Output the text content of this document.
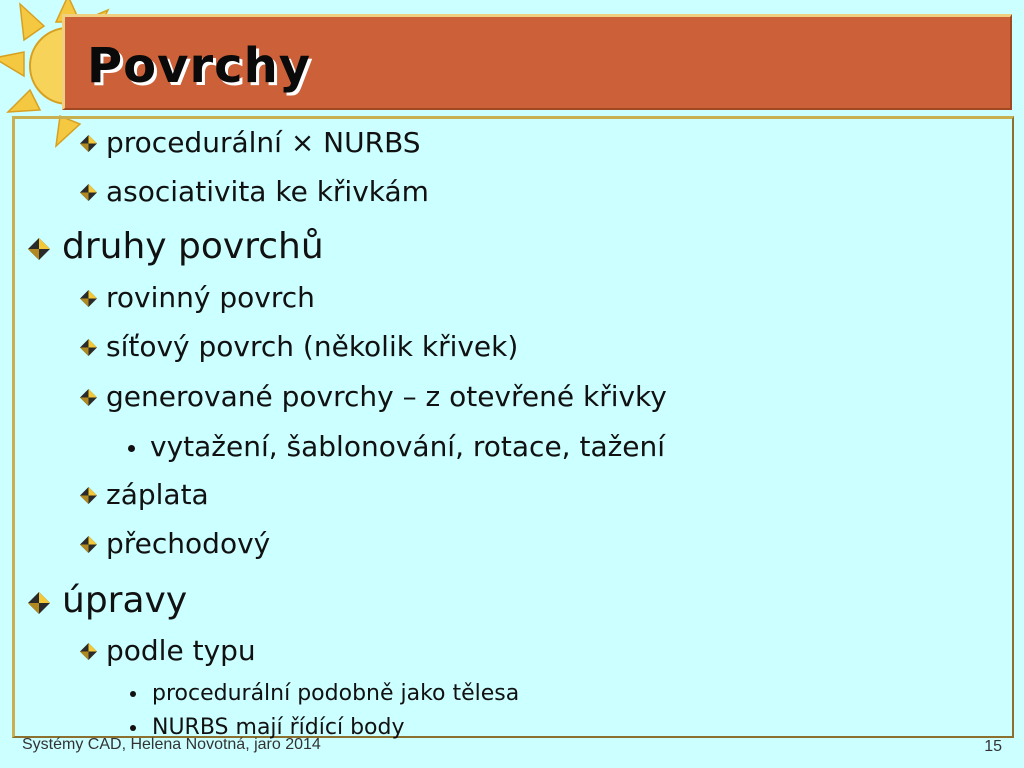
Povrchy
procedurální × NURBS
asociativita ke křivkám
druhy povrchů
rovinný povrch
síťový povrch (několik křivek)
generované povrchy – z otevřené křivky
vytažení, šablonování, rotace, tažení
záplata
přechodový
úpravy
podle typu
procedurální podobně jako tělesa
NURBS mají řídící body
Systémy CAD, Helena Novotná, jaro 2014	15
